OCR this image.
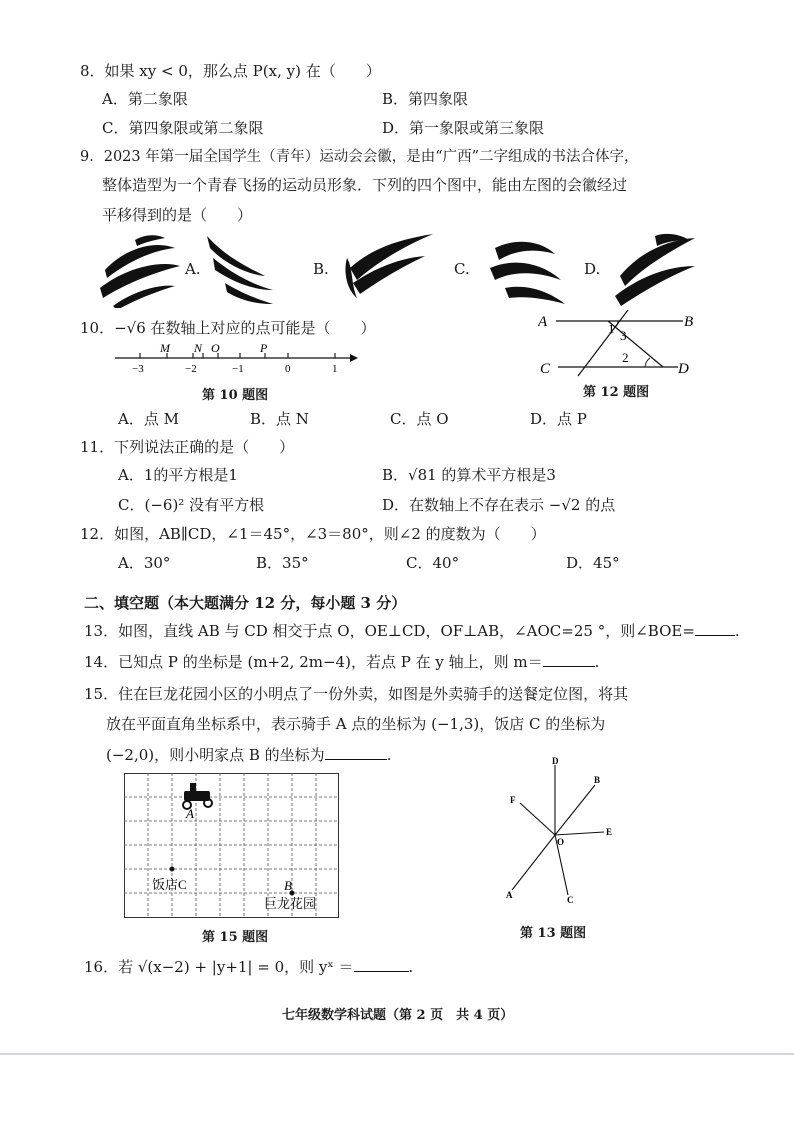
8．如果 xy < 0，那么点 P(x, y) 在（　　）
A．第二象限	B．第四象限
C．第四象限或第二象限	D．第一象限或第三象限
9．2023 年第一届全国学生（青年）运动会会徽，是由“广西”二字组成的书法合体字，
整体造型为一个青春飞扬的运动员形象．下列的四个图中，能由左图的会徽经过
平移得到的是（　　）
A.	B.	C.	D.
10．−√6 在数轴上对应的点可能是（　　）
M N O	P
−3	−2	−1	0	1
第 10 题图
A．点 M	B．点 N	C．点 O	D．点 P
A	B
C	D
1 3
2
第 12 题图
11．下列说法正确的是（　　）
A．1的平方根是1	B．√81 的算术平方根是3
C．(−6)² 没有平方根	D．在数轴上不存在表示 −√2 的点
12．如图，AB∥CD，∠1＝45°，∠3＝80°，则∠2 的度数为（　　）
A．30°	B．35°	C．40°	D．45°
二、填空题（本大题满分 12 分，每小题 3 分）
13．如图，直线 AB 与 CD 相交于点 O，OE⊥CD，OF⊥AB，∠AOC=25 °，则∠BOE=	.
14．已知点 P 的坐标是 (m+2, 2m−4)，若点 P 在 y 轴上，则 m＝	.
15．住在巨龙花园小区的小明点了一份外卖，如图是外卖骑手的送餐定位图，将其
放在平面直角坐标系中，表示骑手 A 点的坐标为 (−1,3)，饭店 C 的坐标为
(−2,0)，则小明家点 B 的坐标为	.
A
B
饭店C
巨龙花园
第 15 题图
D
B
F
E
O
A	C
第 13 题图
16．若 √(x−2) + |y+1| = 0，则 yˣ ＝	.
七年级数学科试题（第 2 页　共 4 页）
